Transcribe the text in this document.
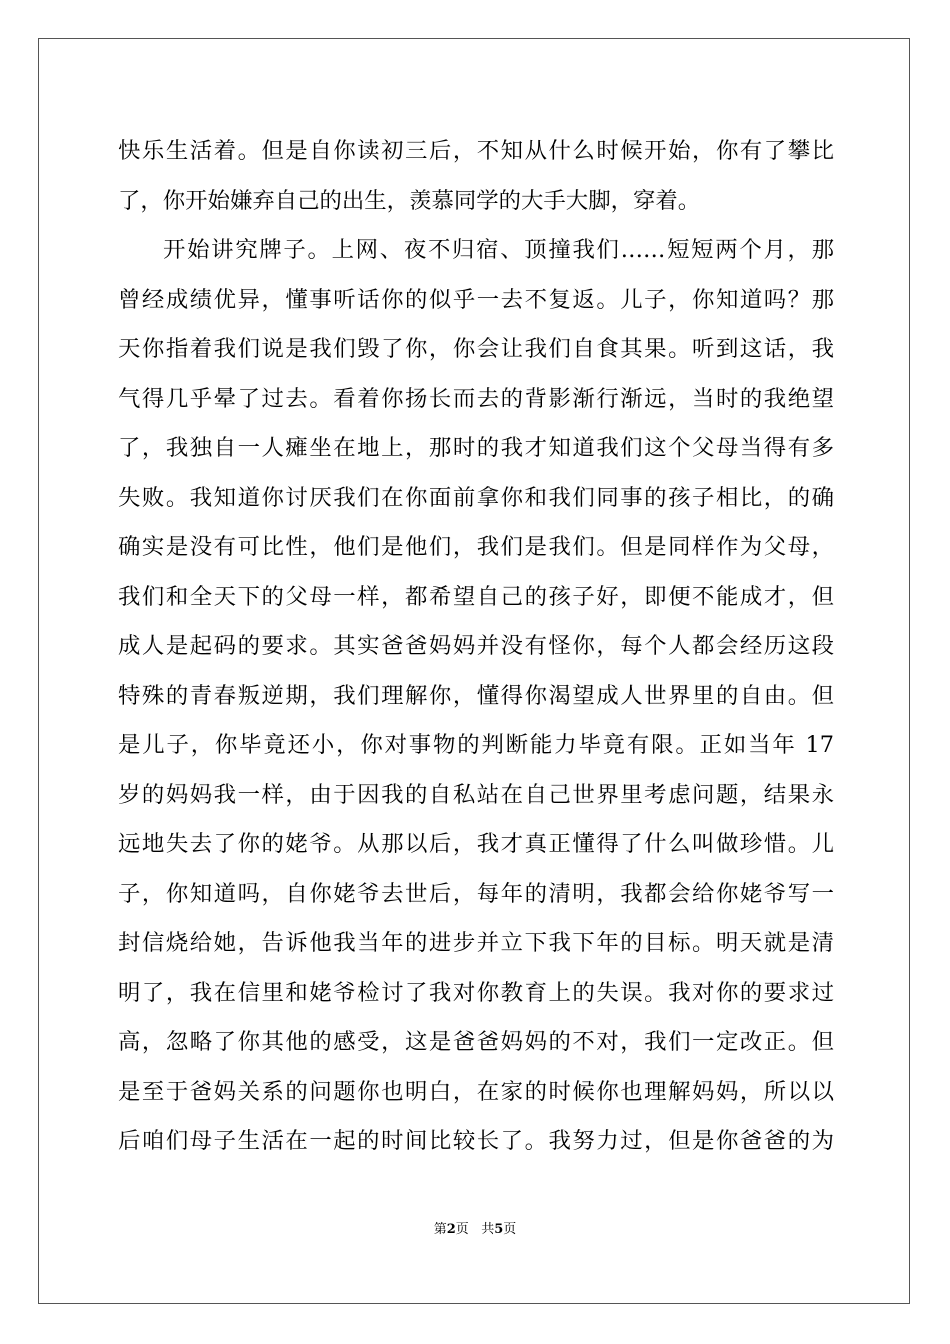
快乐生活着。但是自你读初三后，不知从什么时候开始，你有了攀比
了，你开始嫌弃自己的出生，羡慕同学的大手大脚，穿着。
开始讲究牌子。上网、夜不归宿、顶撞我们……短短两个月，那
曾经成绩优异，懂事听话你的似乎一去不复返。儿子，你知道吗？那
天你指着我们说是我们毁了你，你会让我们自食其果。听到这话，我
气得几乎晕了过去。看着你扬长而去的背影渐行渐远，当时的我绝望
了，我独自一人瘫坐在地上，那时的我才知道我们这个父母当得有多
失败。我知道你讨厌我们在你面前拿你和我们同事的孩子相比，的确
确实是没有可比性，他们是他们，我们是我们。但是同样作为父母，
我们和全天下的父母一样，都希望自己的孩子好，即便不能成才，但
成人是起码的要求。其实爸爸妈妈并没有怪你，每个人都会经历这段
特殊的青春叛逆期，我们理解你，懂得你渴望成人世界里的自由。但
是儿子，你毕竟还小，你对事物的判断能力毕竟有限。正如当年 17
岁的妈妈我一样，由于因我的自私站在自己世界里考虑问题，结果永
远地失去了你的姥爷。从那以后，我才真正懂得了什么叫做珍惜。儿
子，你知道吗，自你姥爷去世后，每年的清明，我都会给你姥爷写一
封信烧给她，告诉他我当年的进步并立下我下年的目标。明天就是清
明了，我在信里和姥爷检讨了我对你教育上的失误。我对你的要求过
高，忽略了你其他的感受，这是爸爸妈妈的不对，我们一定改正。但
是至于爸妈关系的问题你也明白，在家的时候你也理解妈妈，所以以
后咱们母子生活在一起的时间比较长了。我努力过，但是你爸爸的为
第2页 共5页
